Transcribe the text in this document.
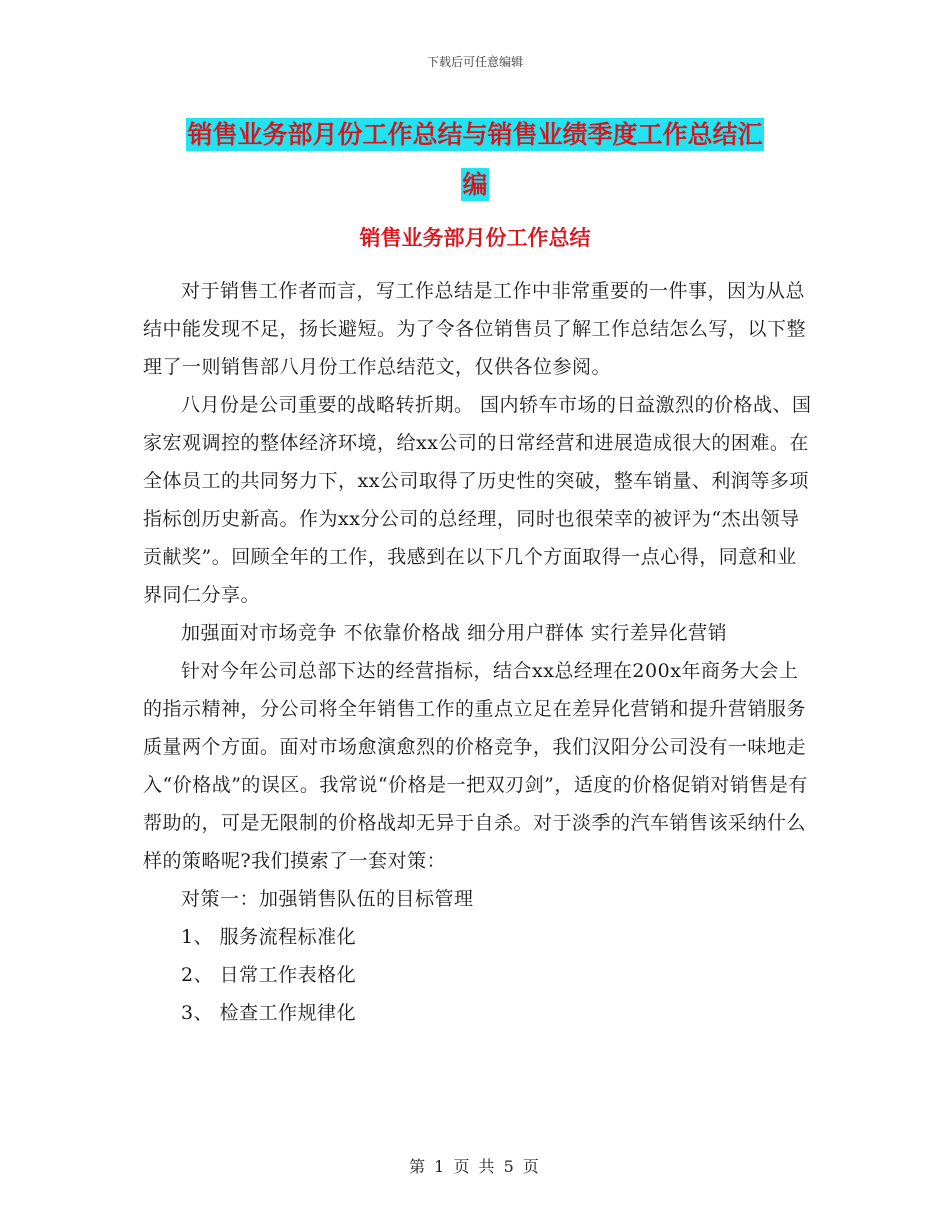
下载后可任意编辑
销售业务部月份工作总结与销售业绩季度工作总结汇
编
销售业务部月份工作总结

对于销售工作者而言，写工作总结是工作中非常重要的一件事，因为从总结中能发现不足，扬长避短。为了令各位销售员了解工作总结怎么写，以下整理了一则销售部八月份工作总结范文，仅供各位参阅。

八月份是公司重要的战略转折期。 国内轿车市场的日益激烈的价格战、国家宏观调控的整体经济环境，给xx公司的日常经营和进展造成很大的困难。在全体员工的共同努力下，xx公司取得了历史性的突破，整车销量、利润等多项指标创历史新高。作为xx分公司的总经理，同时也很荣幸的被评为“杰出领导贡献奖”。回顾全年的工作，我感到在以下几个方面取得一点心得，同意和业界同仁分享。

加强面对市场竞争 不依靠价格战 细分用户群体 实行差异化营销

针对今年公司总部下达的经营指标，结合xx总经理在200x年商务大会上的指示精神，分公司将全年销售工作的重点立足在差异化营销和提升营销服务质量两个方面。面对市场愈演愈烈的价格竞争，我们汉阳分公司没有一味地走入“价格战”的误区。我常说“价格是一把双刃剑”，适度的价格促销对销售是有帮助的，可是无限制的价格战却无异于自杀。对于淡季的汽车销售该采纳什么样的策略呢?我们摸索了一套对策：

对策一：加强销售队伍的目标管理

1、 服务流程标准化

2、 日常工作表格化

3、 检查工作规律化

第 1 页 共 5 页
